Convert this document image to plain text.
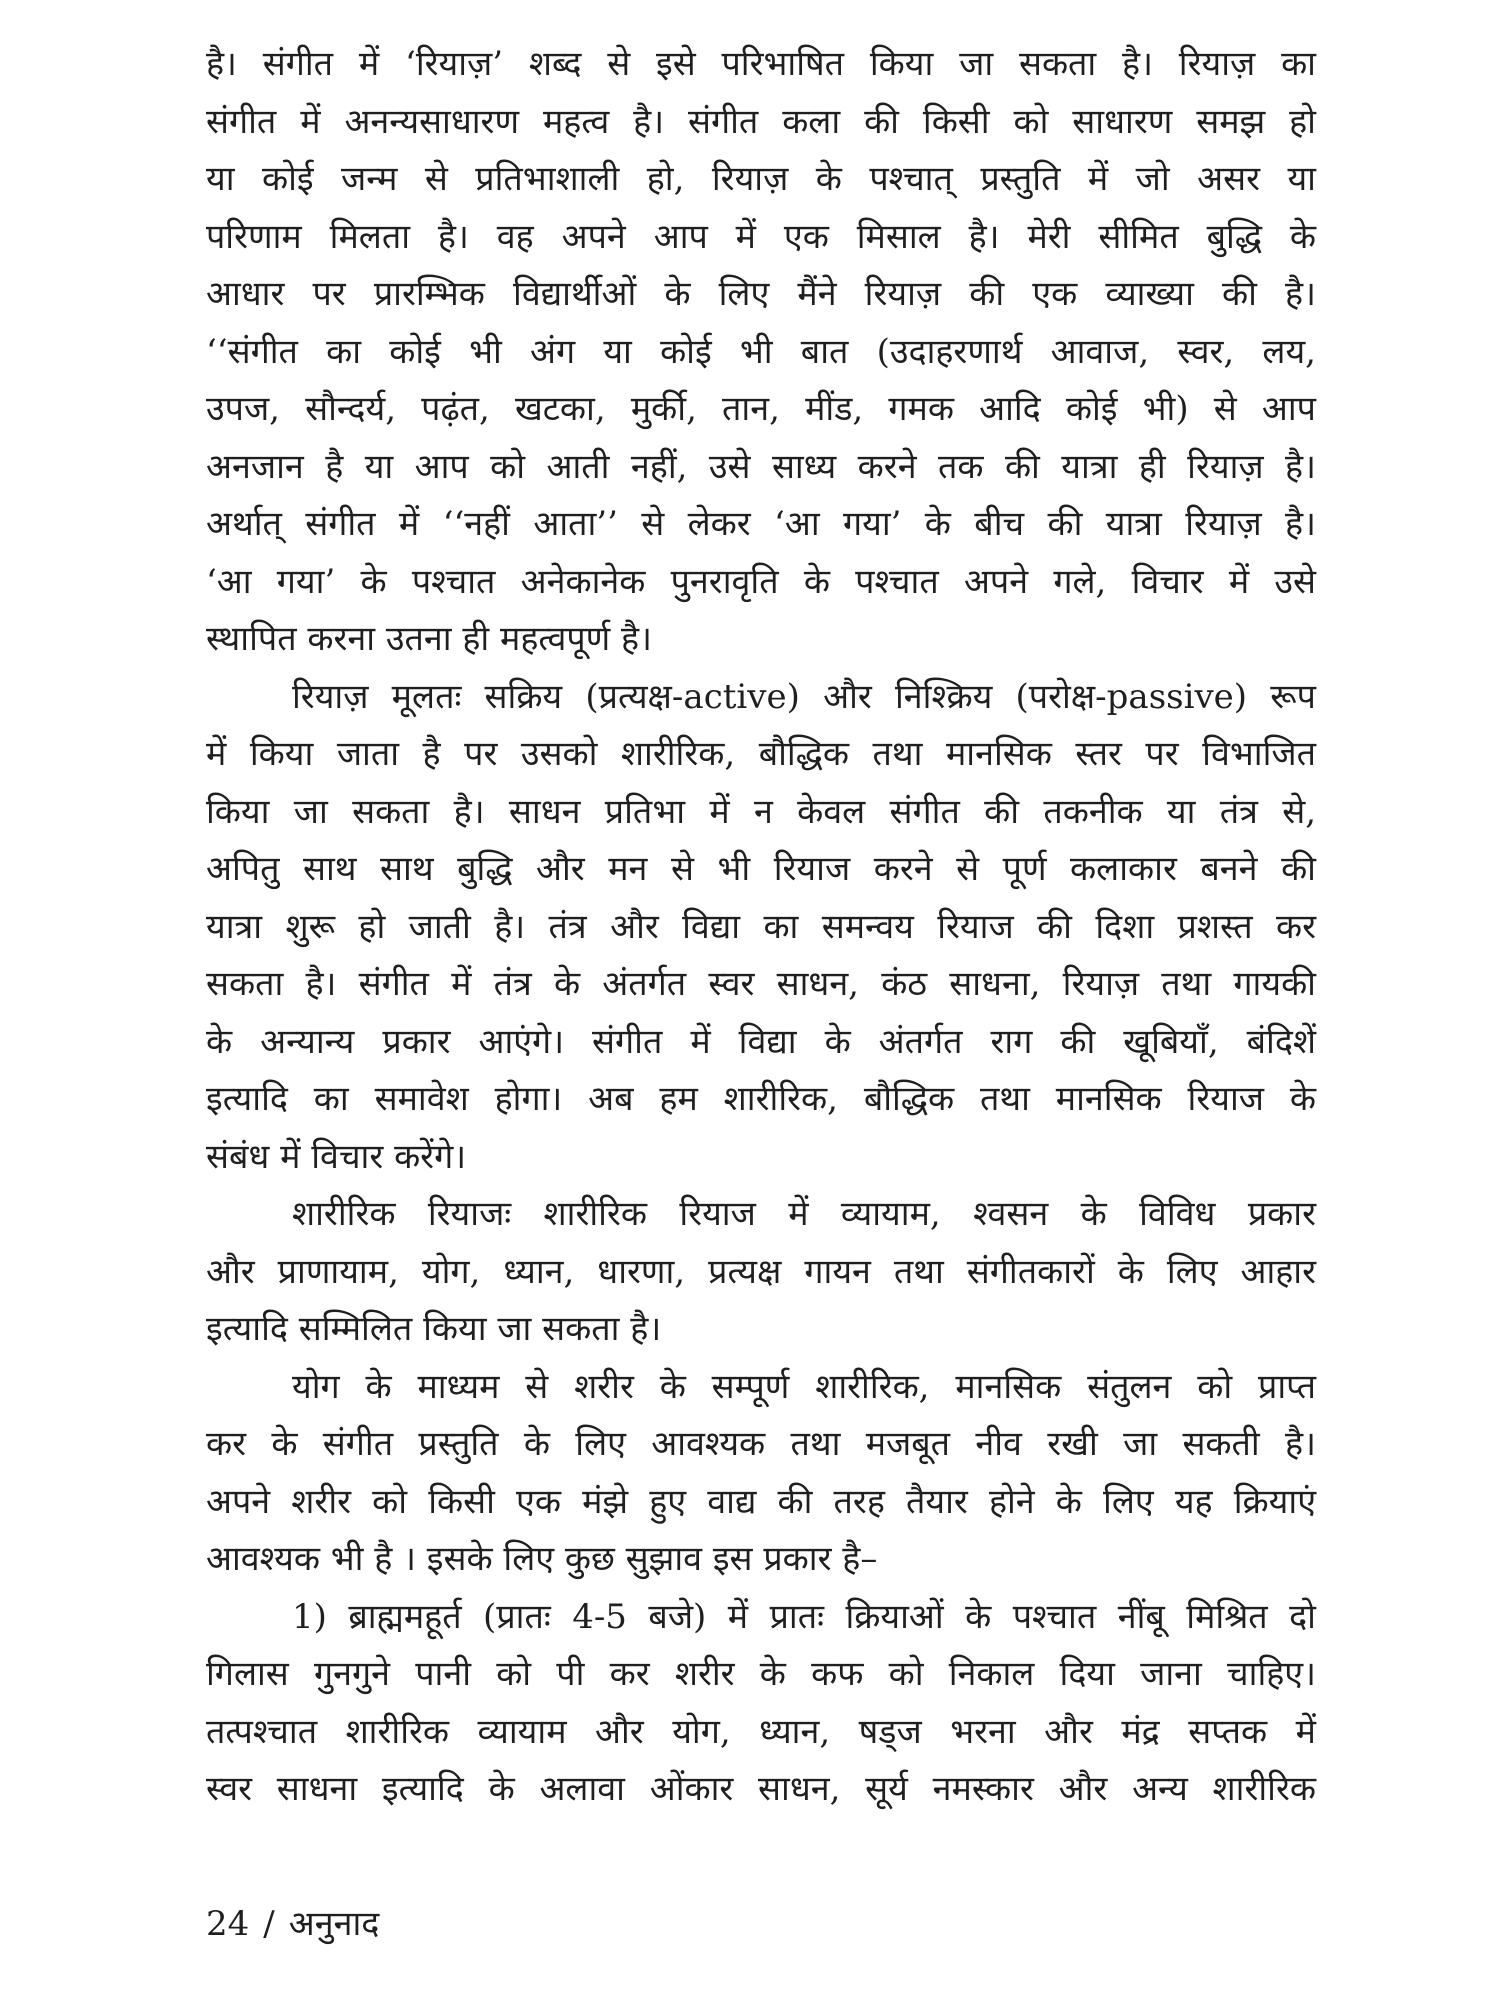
है। संगीत में ‘रियाज़’ शब्द से इसे परिभाषित किया जा सकता है। रियाज़ का
संगीत में अनन्यसाधारण महत्व है। संगीत कला की किसी को साधारण समझ हो
या कोई जन्म से प्रतिभाशाली हो, रियाज़ के पश्चात् प्रस्तुति में जो असर या
परिणाम मिलता है। वह अपने आप में एक मिसाल है। मेरी सीमित बुद्धि के
आधार पर प्रारम्भिक विद्यार्थीओं के लिए मैंने रियाज़ की एक व्याख्या की है।
‘‘संगीत का कोई भी अंग या कोई भी बात (उदाहरणार्थ आवाज, स्वर, लय,
उपज, सौन्दर्य, पढ़ंत, खटका, मुर्की, तान, मींड, गमक आदि कोई भी) से आप
अनजान है या आप को आती नहीं, उसे साध्य करने तक की यात्रा ही रियाज़ है।
अर्थात् संगीत में ‘‘नहीं आता’’ से लेकर ‘आ गया’ के बीच की यात्रा रियाज़ है।
‘आ गया’ के पश्चात अनेकानेक पुनरावृति के पश्चात अपने गले, विचार में उसे
स्थापित करना उतना ही महत्वपूर्ण है।
रियाज़ मूलतः सक्रिय (प्रत्यक्ष-active) और निश्क्रिय (परोक्ष-passive) रूप
में किया जाता है पर उसको शारीरिक, बौद्धिक तथा मानसिक स्तर पर विभाजित
किया जा सकता है। साधन प्रतिभा में न केवल संगीत की तकनीक या तंत्र से,
अपितु साथ साथ बुद्धि और मन से भी रियाज करने से पूर्ण कलाकार बनने की
यात्रा शुरू हो जाती है। तंत्र और विद्या का समन्वय रियाज की दिशा प्रशस्त कर
सकता है। संगीत में तंत्र के अंतर्गत स्वर साधन, कंठ साधना, रियाज़ तथा गायकी
के अन्यान्य प्रकार आएंगे। संगीत में विद्या के अंतर्गत राग की खूबियाँ, बंदिशें
इत्यादि का समावेश होगा। अब हम शारीरिक, बौद्धिक तथा मानसिक रियाज के
संबंध में विचार करेंगे।
शारीरिक रियाजः शारीरिक रियाज में व्यायाम, श्वसन के विविध प्रकार
और प्राणायाम, योग, ध्यान, धारणा, प्रत्यक्ष गायन तथा संगीतकारों के लिए आहार
इत्यादि सम्मिलित किया जा सकता है।
योग के माध्यम से शरीर के सम्पूर्ण शारीरिक, मानसिक संतुलन को प्राप्त
कर के संगीत प्रस्तुति के लिए आवश्यक तथा मजबूत नीव रखी जा सकती है।
अपने शरीर को किसी एक मंझे हुए वाद्य की तरह तैयार होने के लिए यह क्रियाएं
आवश्यक भी है । इसके लिए कुछ सुझाव इस प्रकार है–
1) ब्राह्ममहूर्त (प्रातः 4-5 बजे) में प्रातः क्रियाओं के पश्चात नींबू मिश्रित दो
गिलास गुनगुने पानी को पी कर शरीर के कफ को निकाल दिया जाना चाहिए।
तत्पश्चात शारीरिक व्यायाम और योग, ध्यान, षड्ज भरना और मंद्र सप्तक में
स्वर साधना इत्यादि के अलावा ओंकार साधन, सूर्य नमस्कार और अन्य शारीरिक
24 / अनुनाद
